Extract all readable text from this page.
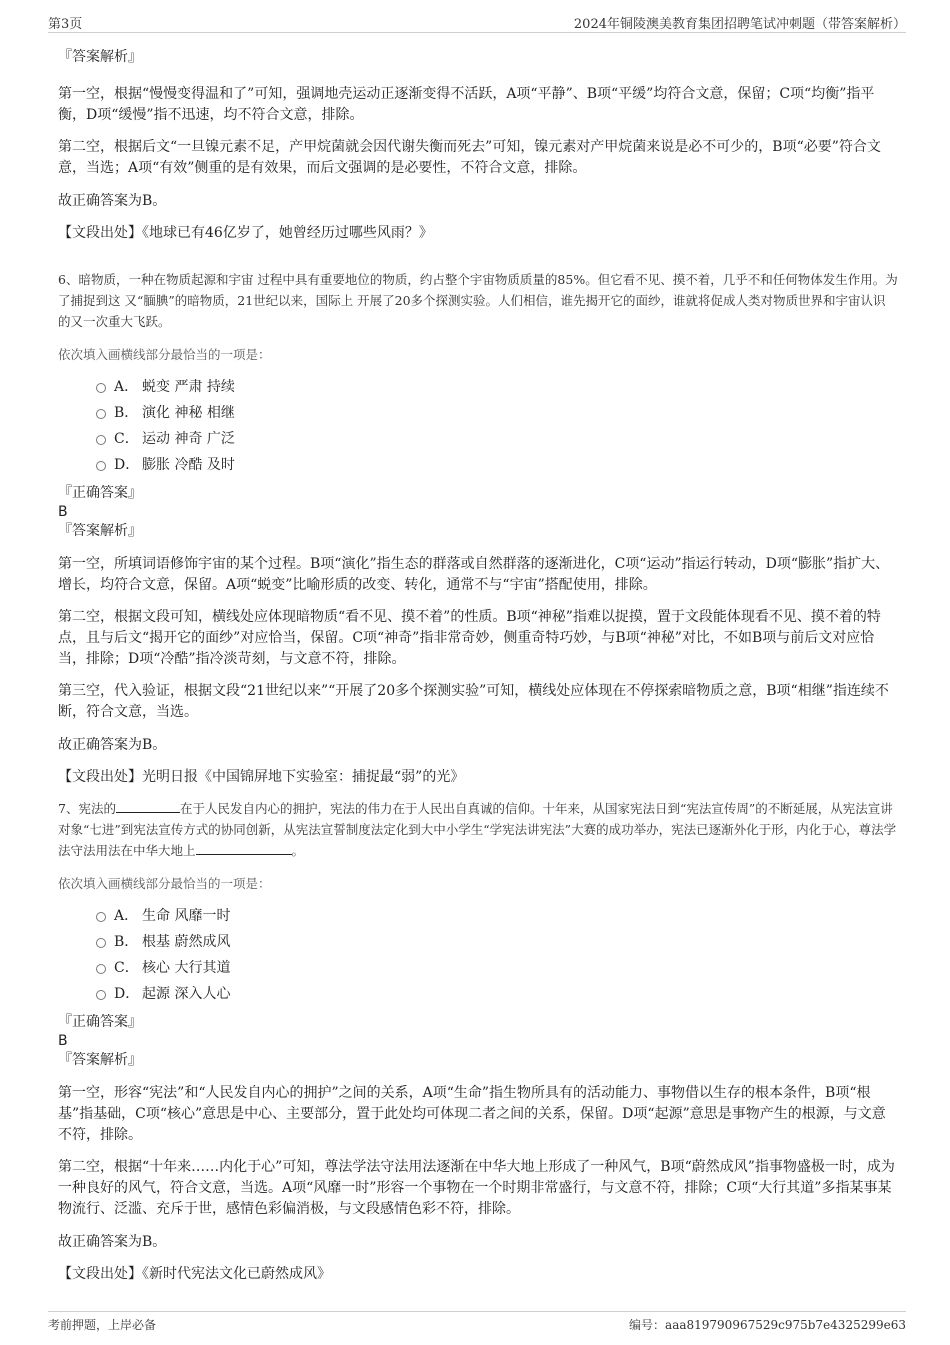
第3页	2024年铜陵澳美教育集团招聘笔试冲刺题（带答案解析）

『答案解析』

第一空，根据“慢慢变得温和了”可知，强调地壳运动正逐渐变得不活跃，A项“平静”、B项“平缓”均符合文意，保留；C项“均衡”指平衡，D项“缓慢”指不迅速，均不符合文意，排除。

第二空，根据后文“一旦镍元素不足，产甲烷菌就会因代谢失衡而死去”可知，镍元素对产甲烷菌来说是必不可少的，B项“必要”符合文意，当选；A项“有效”侧重的是有效果，而后文强调的是必要性，不符合文意，排除。

故正确答案为B。

【文段出处】《地球已有46亿岁了，她曾经历过哪些风雨？》

6、暗物质，一种在物质起源和宇宙 过程中具有重要地位的物质，约占整个宇宙物质质量的85%。但它看不见、摸不着，几乎不和任何物体发生作用。为了捕捉到这 又“腼腆”的暗物质，21世纪以来，国际上 开展了20多个探测实验。人们相信，谁先揭开它的面纱，谁就将促成人类对物质世界和宇宙认识的又一次重大飞跃。

依次填入画横线部分最恰当的一项是：

A． 蜕变 严肃 持续
B． 演化 神秘 相继
C． 运动 神奇 广泛
D． 膨胀 冷酷 及时

『正确答案』

B

『答案解析』

第一空，所填词语修饰宇宙的某个过程。B项“演化”指生态的群落或自然群落的逐渐进化，C项“运动”指运行转动，D项“膨胀”指扩大、增长，均符合文意，保留。A项“蜕变”比喻形质的改变、转化，通常不与“宇宙”搭配使用，排除。

第二空，根据文段可知，横线处应体现暗物质“看不见、摸不着”的性质。B项“神秘”指难以捉摸，置于文段能体现看不见、摸不着的特点，且与后文“揭开它的面纱”对应恰当，保留。C项“神奇”指非常奇妙，侧重奇特巧妙，与B项“神秘”对比，不如B项与前后文对应恰当，排除；D项“冷酷”指冷淡苛刻，与文意不符，排除。

第三空，代入验证，根据文段“21世纪以来”“开展了20多个探测实验”可知，横线处应体现在不停探索暗物质之意，B项“相继”指连续不断，符合文意，当选。

故正确答案为B。

【文段出处】光明日报《中国锦屏地下实验室：捕捉最“弱”的光》

7、宪法的	在于人民发自内心的拥护，宪法的伟力在于人民出自真诚的信仰。十年来，从国家宪法日到“宪法宣传周”的不断延展，从宪法宣讲对象“七进”到宪法宣传方式的协同创新，从宪法宣誓制度法定化到大中小学生“学宪法讲宪法”大赛的成功举办，宪法已逐渐外化于形，内化于心，尊法学法守法用法在中华大地上	。

依次填入画横线部分最恰当的一项是：

A． 生命 风靡一时
B． 根基 蔚然成风
C． 核心 大行其道
D． 起源 深入人心

『正确答案』

B

『答案解析』

第一空，形容“宪法”和“人民发自内心的拥护”之间的关系，A项“生命”指生物所具有的活动能力、事物借以生存的根本条件，B项“根基”指基础，C项“核心”意思是中心、主要部分，置于此处均可体现二者之间的关系，保留。D项“起源”意思是事物产生的根源，与文意不符，排除。

第二空，根据“十年来……内化于心”可知，尊法学法守法用法逐渐在中华大地上形成了一种风气，B项“蔚然成风”指事物盛极一时，成为一种良好的风气，符合文意，当选。A项“风靡一时”形容一个事物在一个时期非常盛行，与文意不符，排除；C项“大行其道”多指某事某物流行、泛滥、充斥于世，感情色彩偏消极，与文段感情色彩不符，排除。

故正确答案为B。

【文段出处】《新时代宪法文化已蔚然成风》

考前押题，上岸必备	编号：aaa819790967529c975b7e4325299e63
